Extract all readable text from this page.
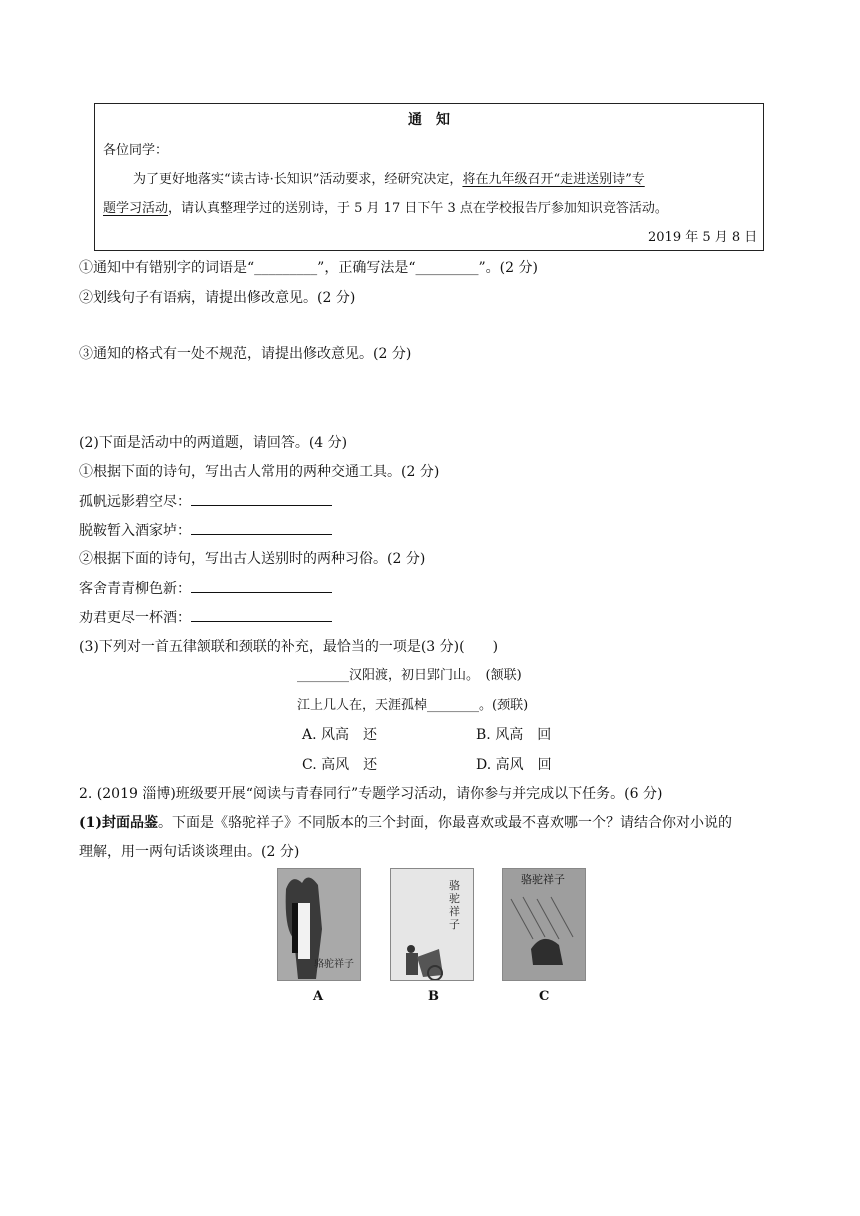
通　知
各位同学：
为了更好地落实“读古诗·长知识”活动要求，经研究决定，将在九年级召开“走进送别诗”专
题学习活动，请认真整理学过的送别诗，于 5 月 17 日下午 3 点在学校报告厅参加知识竞答活动。
2019 年 5 月 8 日
①通知中有错别字的词语是“_________”，正确写法是“_________”。(2 分)
②划线句子有语病，请提出修改意见。(2 分)
③通知的格式有一处不规范，请提出修改意见。(2 分)
(2)下面是活动中的两道题，请回答。(4 分)
①根据下面的诗句，写出古人常用的两种交通工具。(2 分)
孤帆远影碧空尽：
脱鞍暂入酒家垆：
②根据下面的诗句，写出古人送别时的两种习俗。(2 分)
客舍青青柳色新：
劝君更尽一杯酒：
(3)下列对一首五律颔联和颈联的补充，最恰当的一项是(3 分)(　　)
________汉阳渡，初日郢门山。　(颔联)
江上几人在，天涯孤棹________。(颈联)
A. 风高　还	B. 风高　回
C. 高风　还	D. 高风　回
2. (2019 淄博)班级要开展“阅读与青春同行”专题学习活动，请你参与并完成以下任务。(6 分)
(1)封面品鉴。下面是《骆驼祥子》不同版本的三个封面，你最喜欢或最不喜欢哪一个？请结合你对小说的
理解，用一两句话谈谈理由。(2 分)
骆驼祥子
骆驼祥子
骆驼祥子
A	B	C
